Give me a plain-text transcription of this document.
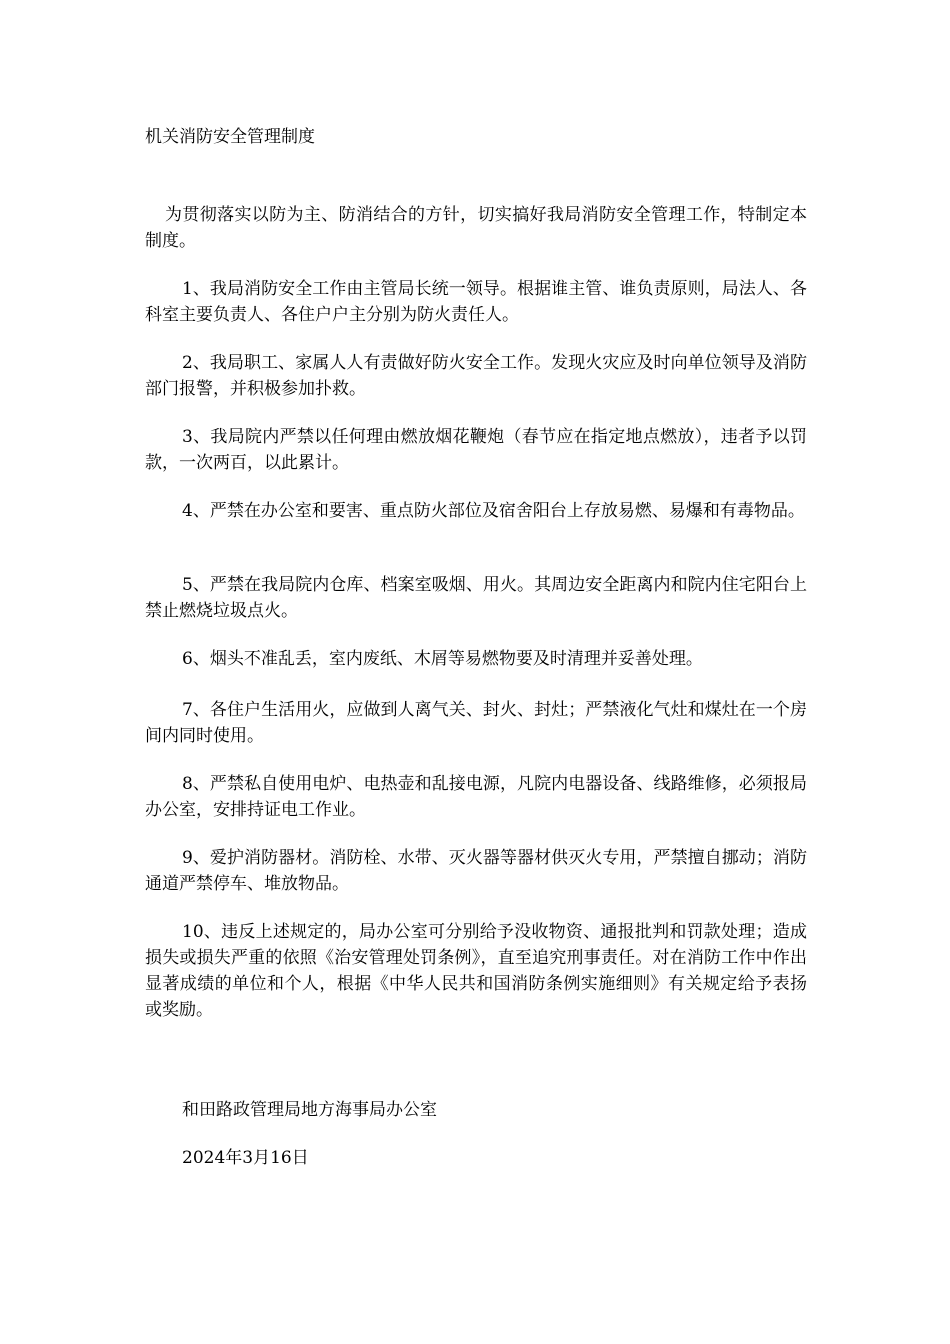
机关消防安全管理制度
为贯彻落实以防为主、防消结合的方针，切实搞好我局消防安全管理工作，特制定本制度。
1、我局消防安全工作由主管局长统一领导。根据谁主管、谁负责原则，局法人、各科室主要负责人、各住户户主分别为防火责任人。
2、我局职工、家属人人有责做好防火安全工作。发现火灾应及时向单位领导及消防部门报警，并积极参加扑救。
3、我局院内严禁以任何理由燃放烟花鞭炮（春节应在指定地点燃放），违者予以罚款，一次两百，以此累计。
4、严禁在办公室和要害、重点防火部位及宿舍阳台上存放易燃、易爆和有毒物品。
5、严禁在我局院内仓库、档案室吸烟、用火。其周边安全距离内和院内住宅阳台上禁止燃烧垃圾点火。
6、烟头不准乱丢，室内废纸、木屑等易燃物要及时清理并妥善处理。
7、各住户生活用火，应做到人离气关、封火、封灶；严禁液化气灶和煤灶在一个房间内同时使用。
8、严禁私自使用电炉、电热壶和乱接电源，凡院内电器设备、线路维修，必须报局办公室，安排持证电工作业。
9、爱护消防器材。消防栓、水带、灭火器等器材供灭火专用，严禁擅自挪动；消防通道严禁停车、堆放物品。
10、违反上述规定的，局办公室可分别给予没收物资、通报批判和罚款处理；造成损失或损失严重的依照《治安管理处罚条例》，直至追究刑事责任。对在消防工作中作出显著成绩的单位和个人，根据《中华人民共和国消防条例实施细则》有关规定给予表扬或奖励。
和田路政管理局地方海事局办公室
2024年3月16日
